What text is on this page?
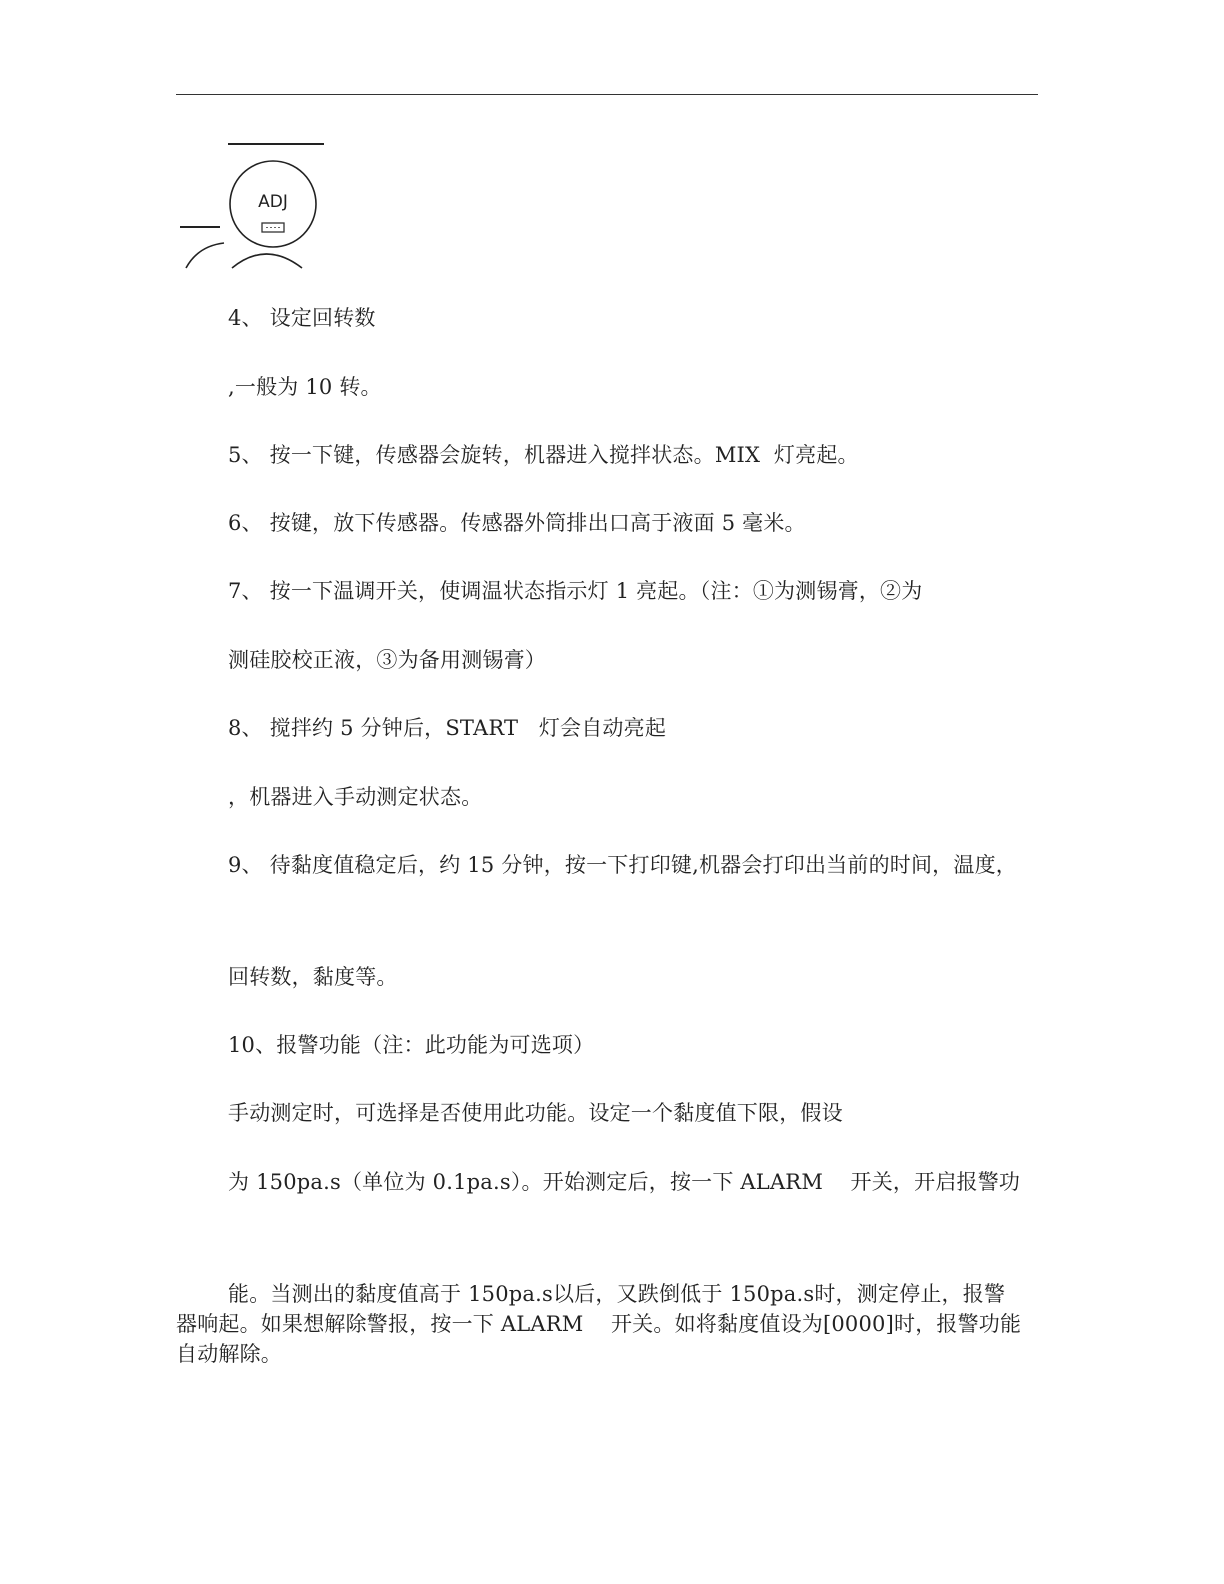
ADJ
4、 设定回转数
,一般为 10 转。
5、 按一下键，传感器会旋转，机器进入搅拌状态。MIX  灯亮起。
6、 按键，放下传感器。传感器外筒排出口高于液面 5 毫米。
7、 按一下温调开关，使调温状态指示灯 1 亮起。（注：①为测锡膏，②为
测硅胶校正液，③为备用测锡膏）
8、 搅拌约 5 分钟后，START   灯会自动亮起
，机器进入手动测定状态。
9、 待黏度值稳定后，约 15 分钟，按一下打印键,机器会打印出当前的时间，温度，
回转数，黏度等。
10、报警功能（注：此功能为可选项）
手动测定时，可选择是否使用此功能。设定一个黏度值下限，假设
为 150pa.s（单位为 0.1pa.s）。开始测定后，按一下 ALARM    开关，开启报警功
能。当测出的黏度值高于 150pa.s以后，又跌倒低于 150pa.s时，测定停止，报警器响起。如果想解除警报，按一下 ALARM    开关。如将黏度值设为[0000]时，报警功能自动解除。
